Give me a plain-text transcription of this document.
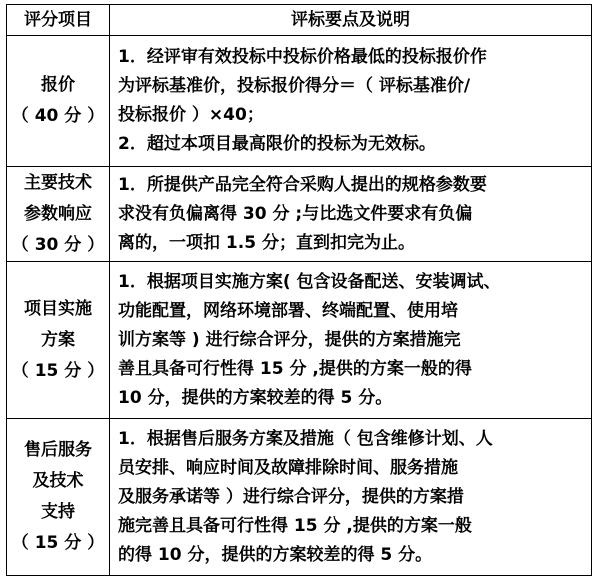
评分项目	评标要点及说明

报价
（ 40 分 ）	1．经评审有效投标中投标价格最低的投标报价作
为评标基准价，投标报价得分＝（ 评标基准价/
投标报价 ）×40；
2．超过本项目最高限价的投标为无效标。

主要技术
参数响应
（ 30 分 ）	1．所提供产品完全符合采购人提出的规格参数要
求没有负偏离得 30 分 ;与比选文件要求有负偏
离的，一项扣 1.5 分；直到扣完为止。

项目实施
方案
（ 15 分 ）	1．根据项目实施方案( 包含设备配送、安装调试、
功能配置，网络环境部署、终端配置、使用培
训方案等 ) 进行综合评分，提供的方案措施完
善且具备可行性得 15 分 ,提供的方案一般的得
10 分，提供的方案较差的得 5 分。

售后服务
及技术
支持
（ 15 分 ）	1．根据售后服务方案及措施（ 包含维修计划、人
员安排、响应时间及故障排除时间、服务措施
及服务承诺等 ）进行综合评分，提供的方案措
施完善且具备可行性得 15 分 ,提供的方案一般
的得 10 分，提供的方案较差的得 5 分。
